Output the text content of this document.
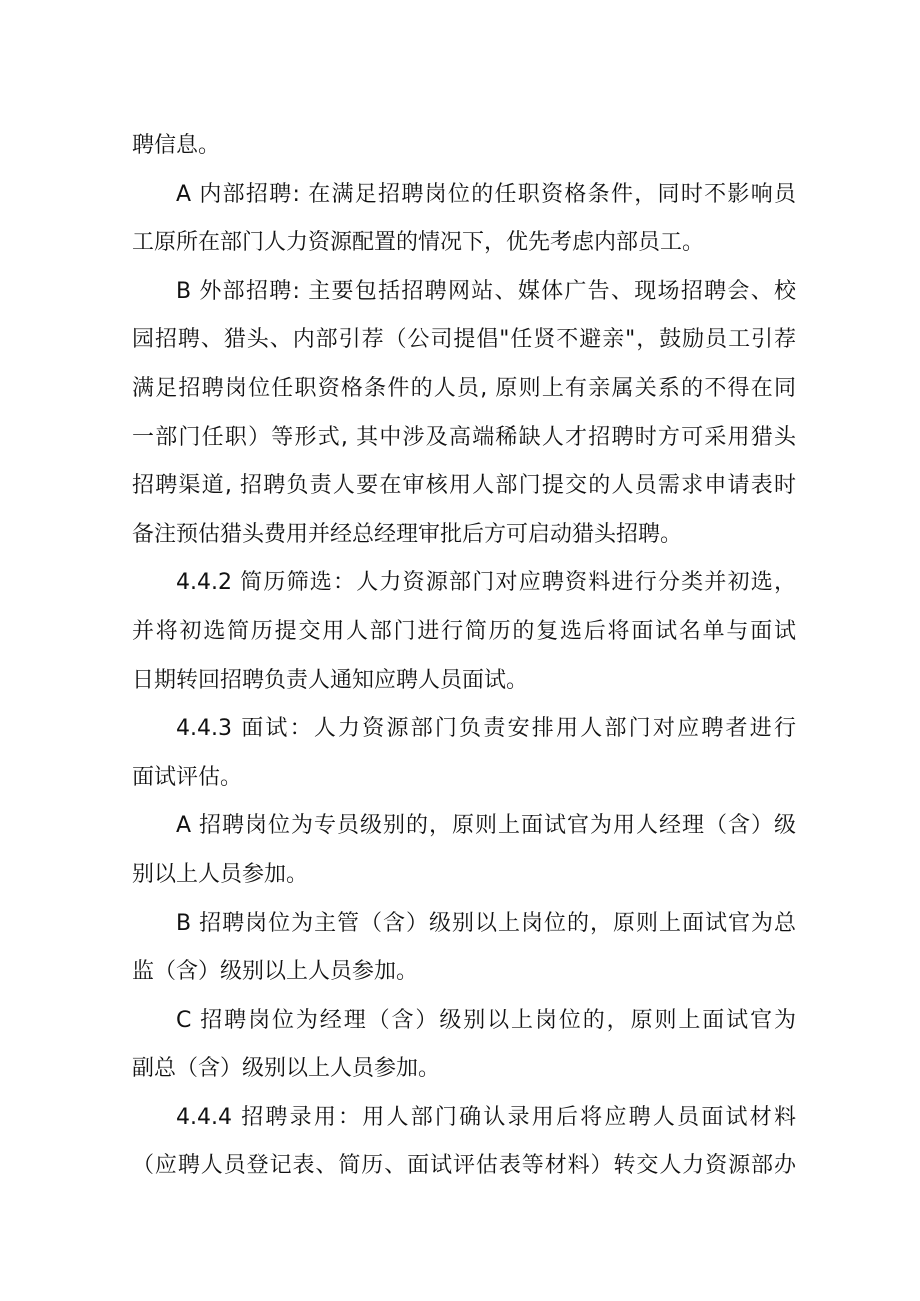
聘信息。
A 内部招聘: 在满足招聘岗位的任职资格条件，同时不影响员
工原所在部门人力资源配置的情况下，优先考虑内部员工。
B 外部招聘: 主要包括招聘网站、媒体广告、现场招聘会、校
园招聘、猎头、内部引荐（公司提倡"任贤不避亲"，鼓励员工引荐
满足招聘岗位任职资格条件的人员, 原则上有亲属关系的不得在同
一部门任职）等形式, 其中涉及高端稀缺人才招聘时方可采用猎头
招聘渠道, 招聘负责人要在审核用人部门提交的人员需求申请表时
备注预估猎头费用并经总经理审批后方可启动猎头招聘。
4.4.2 简历筛选：人力资源部门对应聘资料进行分类并初选，
并将初选简历提交用人部门进行简历的复选后将面试名单与面试
日期转回招聘负责人通知应聘人员面试。
4.4.3 面试：人力资源部门负责安排用人部门对应聘者进行
面试评估。
A 招聘岗位为专员级别的，原则上面试官为用人经理（含）级
别以上人员参加。
B 招聘岗位为主管（含）级别以上岗位的，原则上面试官为总
监（含）级别以上人员参加。
C 招聘岗位为经理（含）级别以上岗位的，原则上面试官为
副总（含）级别以上人员参加。
4.4.4 招聘录用：用人部门确认录用后将应聘人员面试材料
（应聘人员登记表、简历、面试评估表等材料）转交人力资源部办
